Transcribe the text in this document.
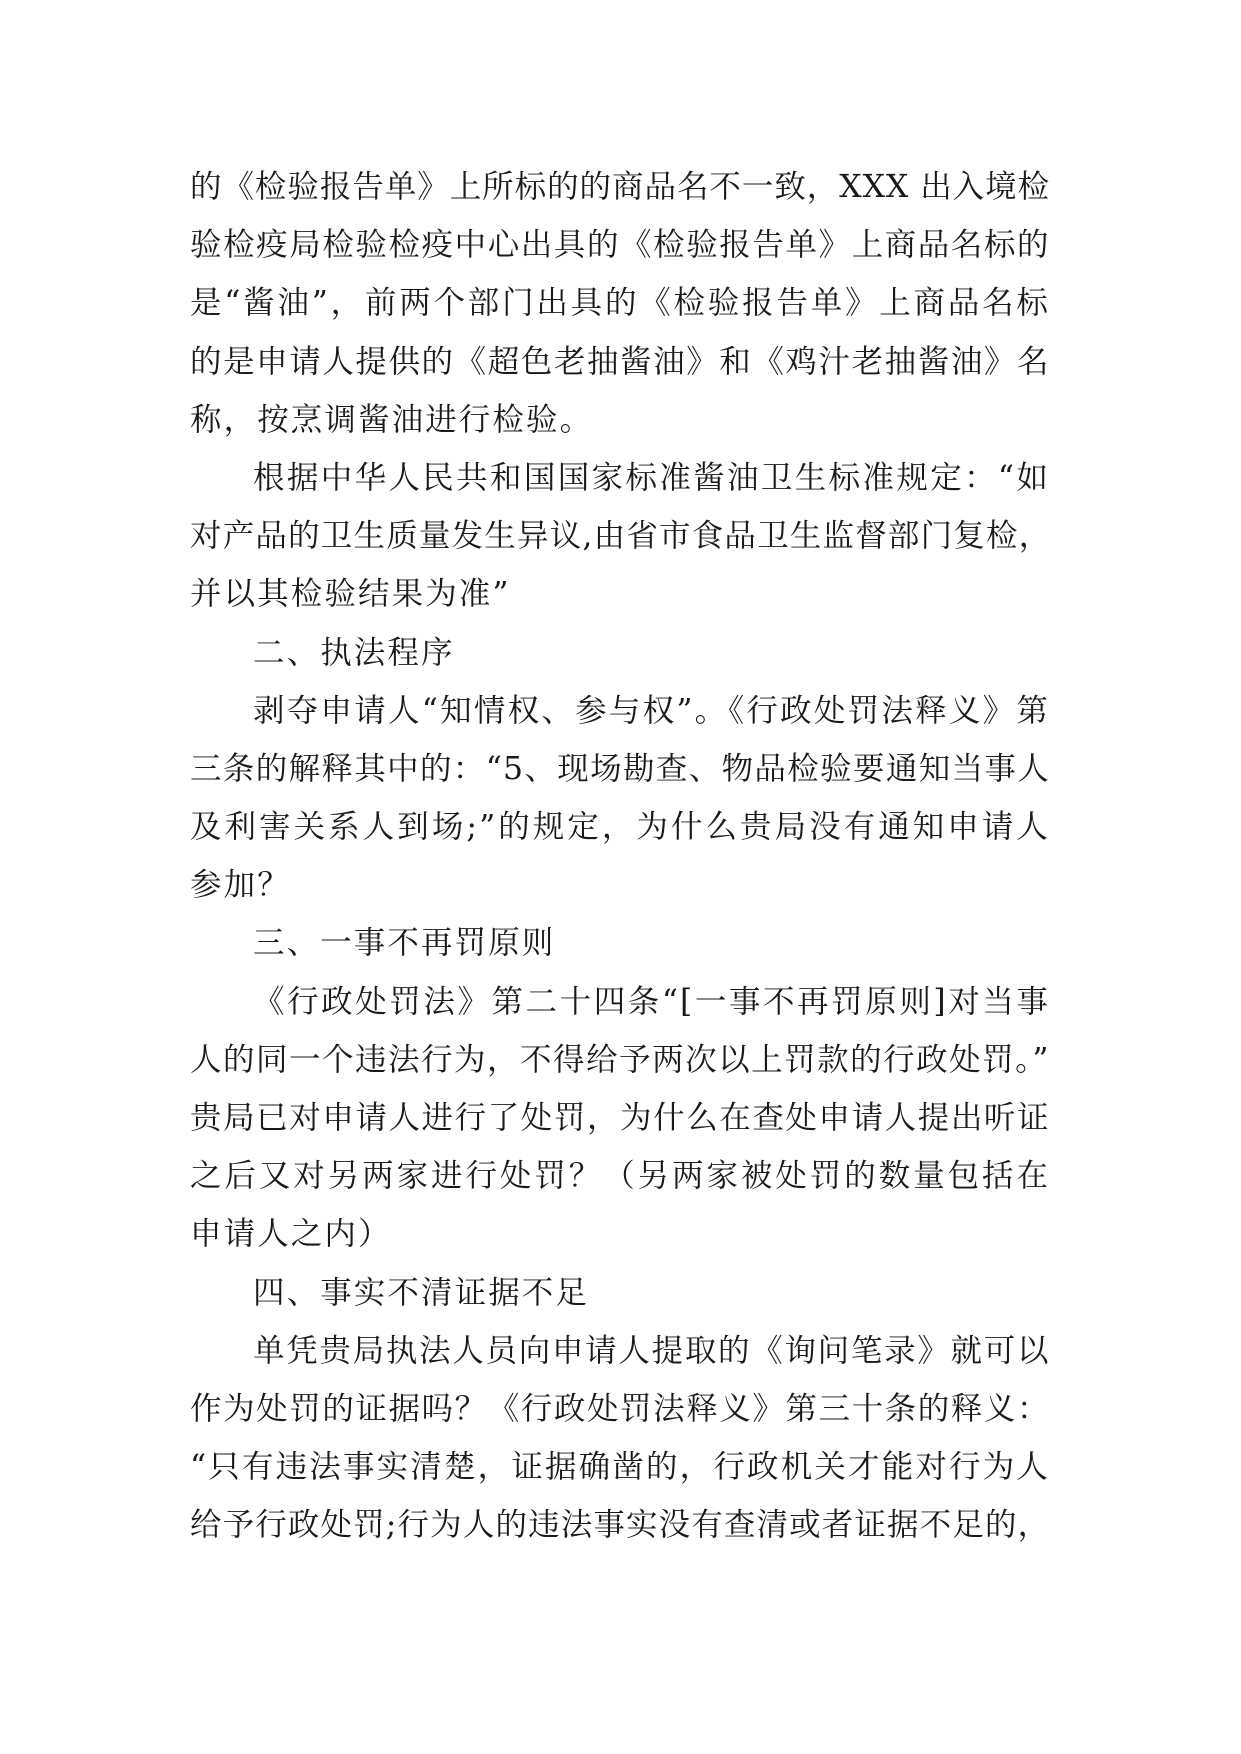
的《检验报告单》上所标的的商品名不一致，XXX 出入境检
验检疫局检验检疫中心出具的《检验报告单》上商品名标的
是“酱油”，前两个部门出具的《检验报告单》上商品名标
的是申请人提供的《超色老抽酱油》和《鸡汁老抽酱油》名
称，按烹调酱油进行检验。
根据中华人民共和国国家标准酱油卫生标准规定：“如
对产品的卫生质量发生异议,由省市食品卫生监督部门复检，
并以其检验结果为准”
二、执法程序
剥夺申请人“知情权、参与权”。《行政处罚法释义》第
三条的解释其中的：“5、现场勘查、物品检验要通知当事人
及利害关系人到场;”的规定，为什么贵局没有通知申请人
参加？
三、一事不再罚原则
《行政处罚法》第二十四条“[一事不再罚原则]对当事
人的同一个违法行为，不得给予两次以上罚款的行政处罚。”
贵局已对申请人进行了处罚，为什么在查处申请人提出听证
之后又对另两家进行处罚？（另两家被处罚的数量包括在
申请人之内）
四、事实不清证据不足
单凭贵局执法人员向申请人提取的《询问笔录》就可以
作为处罚的证据吗？《行政处罚法释义》第三十条的释义：
“只有违法事实清楚，证据确凿的，行政机关才能对行为人
给予行政处罚;行为人的违法事实没有查清或者证据不足的，
